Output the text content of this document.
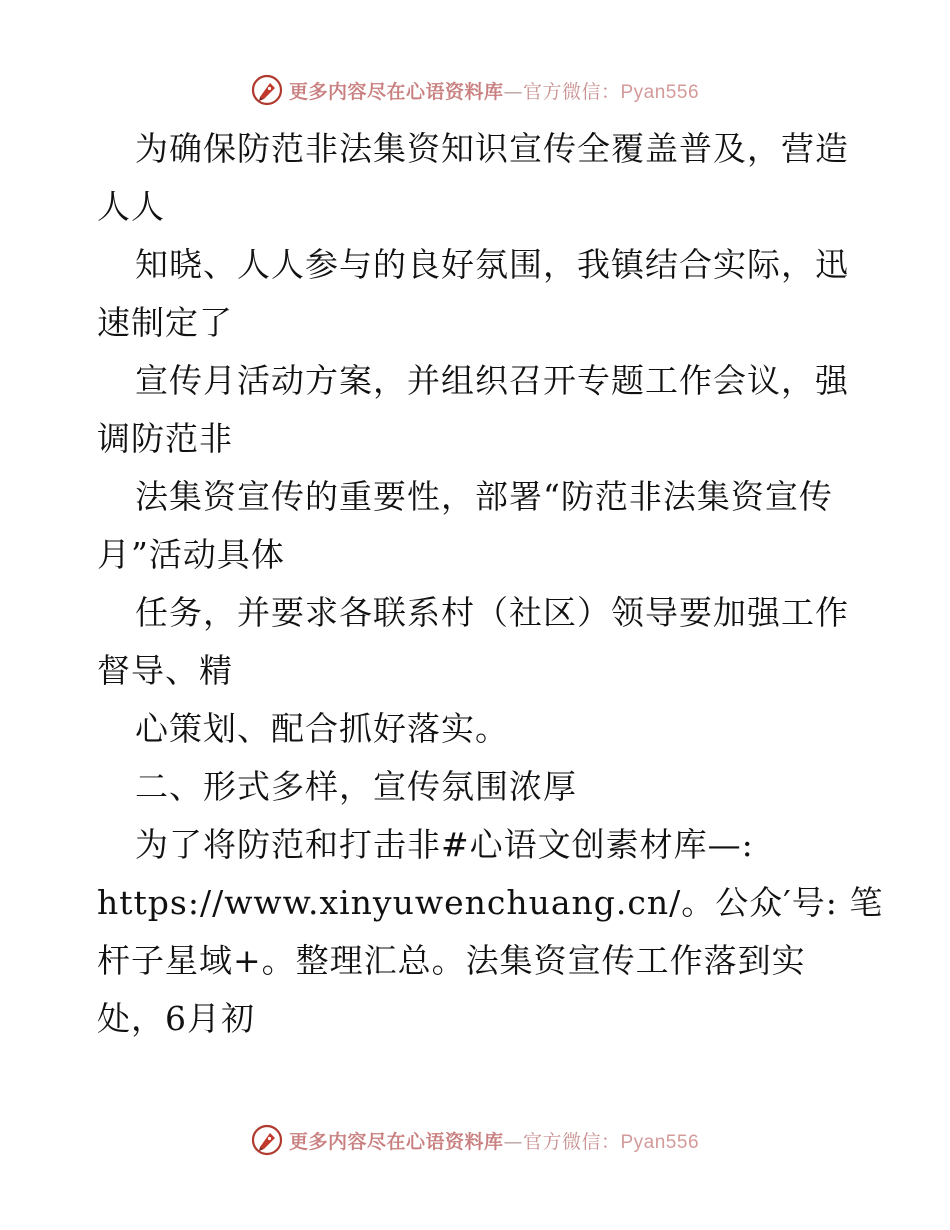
更多内容尽在心语资料库—官方微信：Pyan556
为确保防范非法集资知识宣传全覆盖普及，营造
人人
知晓、人人参与的良好氛围，我镇结合实际，迅
速制定了
宣传月活动方案，并组织召开专题工作会议，强
调防范非
法集资宣传的重要性，部署“防范非法集资宣传
月”活动具体
任务，并要求各联系村（社区）领导要加强工作
督导、精
心策划、配合抓好落实。
二、形式多样，宣传氛围浓厚
为了将防范和打击非#心语文创素材库—:
https://www.xinyuwenchuang.cn/。公众′号: 笔
杆子星域+。整理汇总。法集资宣传工作落到实
处，6月初
更多内容尽在心语资料库—官方微信：Pyan556
